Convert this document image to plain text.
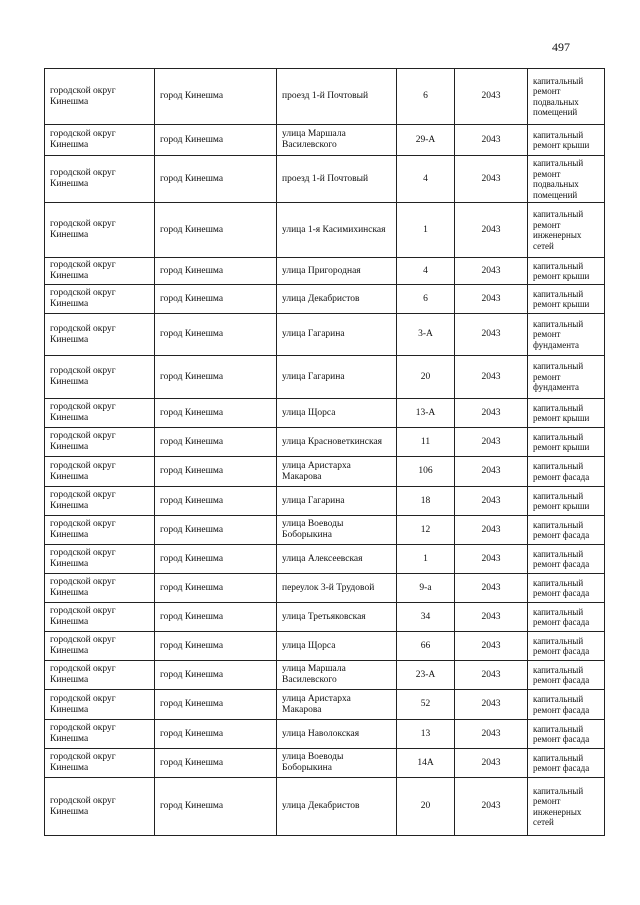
497
городской округ Кинешма	город Кинешма	проезд 1-й Почтовый	6	2043	капитальный ремонт подвальных помещений
городской округ Кинешма	город Кинешма	улица Маршала Василевского	29-А	2043	капитальный ремонт крыши
городской округ Кинешма	город Кинешма	проезд 1-й Почтовый	4	2043	капитальный ремонт подвальных помещений
городской округ Кинешма	город Кинешма	улица 1-я Касимихинская	1	2043	капитальный ремонт инженерных сетей
городской округ Кинешма	город Кинешма	улица Пригородная	4	2043	капитальный ремонт крыши
городской округ Кинешма	город Кинешма	улица Декабристов	6	2043	капитальный ремонт крыши
городской округ Кинешма	город Кинешма	улица Гагарина	3-А	2043	капитальный ремонт фундамента
городской округ Кинешма	город Кинешма	улица Гагарина	20	2043	капитальный ремонт фундамента
городской округ Кинешма	город Кинешма	улица Щорса	13-А	2043	капитальный ремонт крыши
городской округ Кинешма	город Кинешма	улица Красноветкинская	11	2043	капитальный ремонт крыши
городской округ Кинешма	город Кинешма	улица Аристарха Макарова	106	2043	капитальный ремонт фасада
городской округ Кинешма	город Кинешма	улица Гагарина	18	2043	капитальный ремонт крыши
городской округ Кинешма	город Кинешма	улица Воеводы Боборыкина	12	2043	капитальный ремонт фасада
городской округ Кинешма	город Кинешма	улица Алексеевская	1	2043	капитальный ремонт фасада
городской округ Кинешма	город Кинешма	переулок 3-й Трудовой	9-а	2043	капитальный ремонт фасада
городской округ Кинешма	город Кинешма	улица Третьяковская	34	2043	капитальный ремонт фасада
городской округ Кинешма	город Кинешма	улица Щорса	66	2043	капитальный ремонт фасада
городской округ Кинешма	город Кинешма	улица Маршала Василевского	23-А	2043	капитальный ремонт фасада
городской округ Кинешма	город Кинешма	улица Аристарха Макарова	52	2043	капитальный ремонт фасада
городской округ Кинешма	город Кинешма	улица Наволокская	13	2043	капитальный ремонт фасада
городской округ Кинешма	город Кинешма	улица Воеводы Боборыкина	14А	2043	капитальный ремонт фасада
городской округ Кинешма	город Кинешма	улица Декабристов	20	2043	капитальный ремонт инженерных сетей
